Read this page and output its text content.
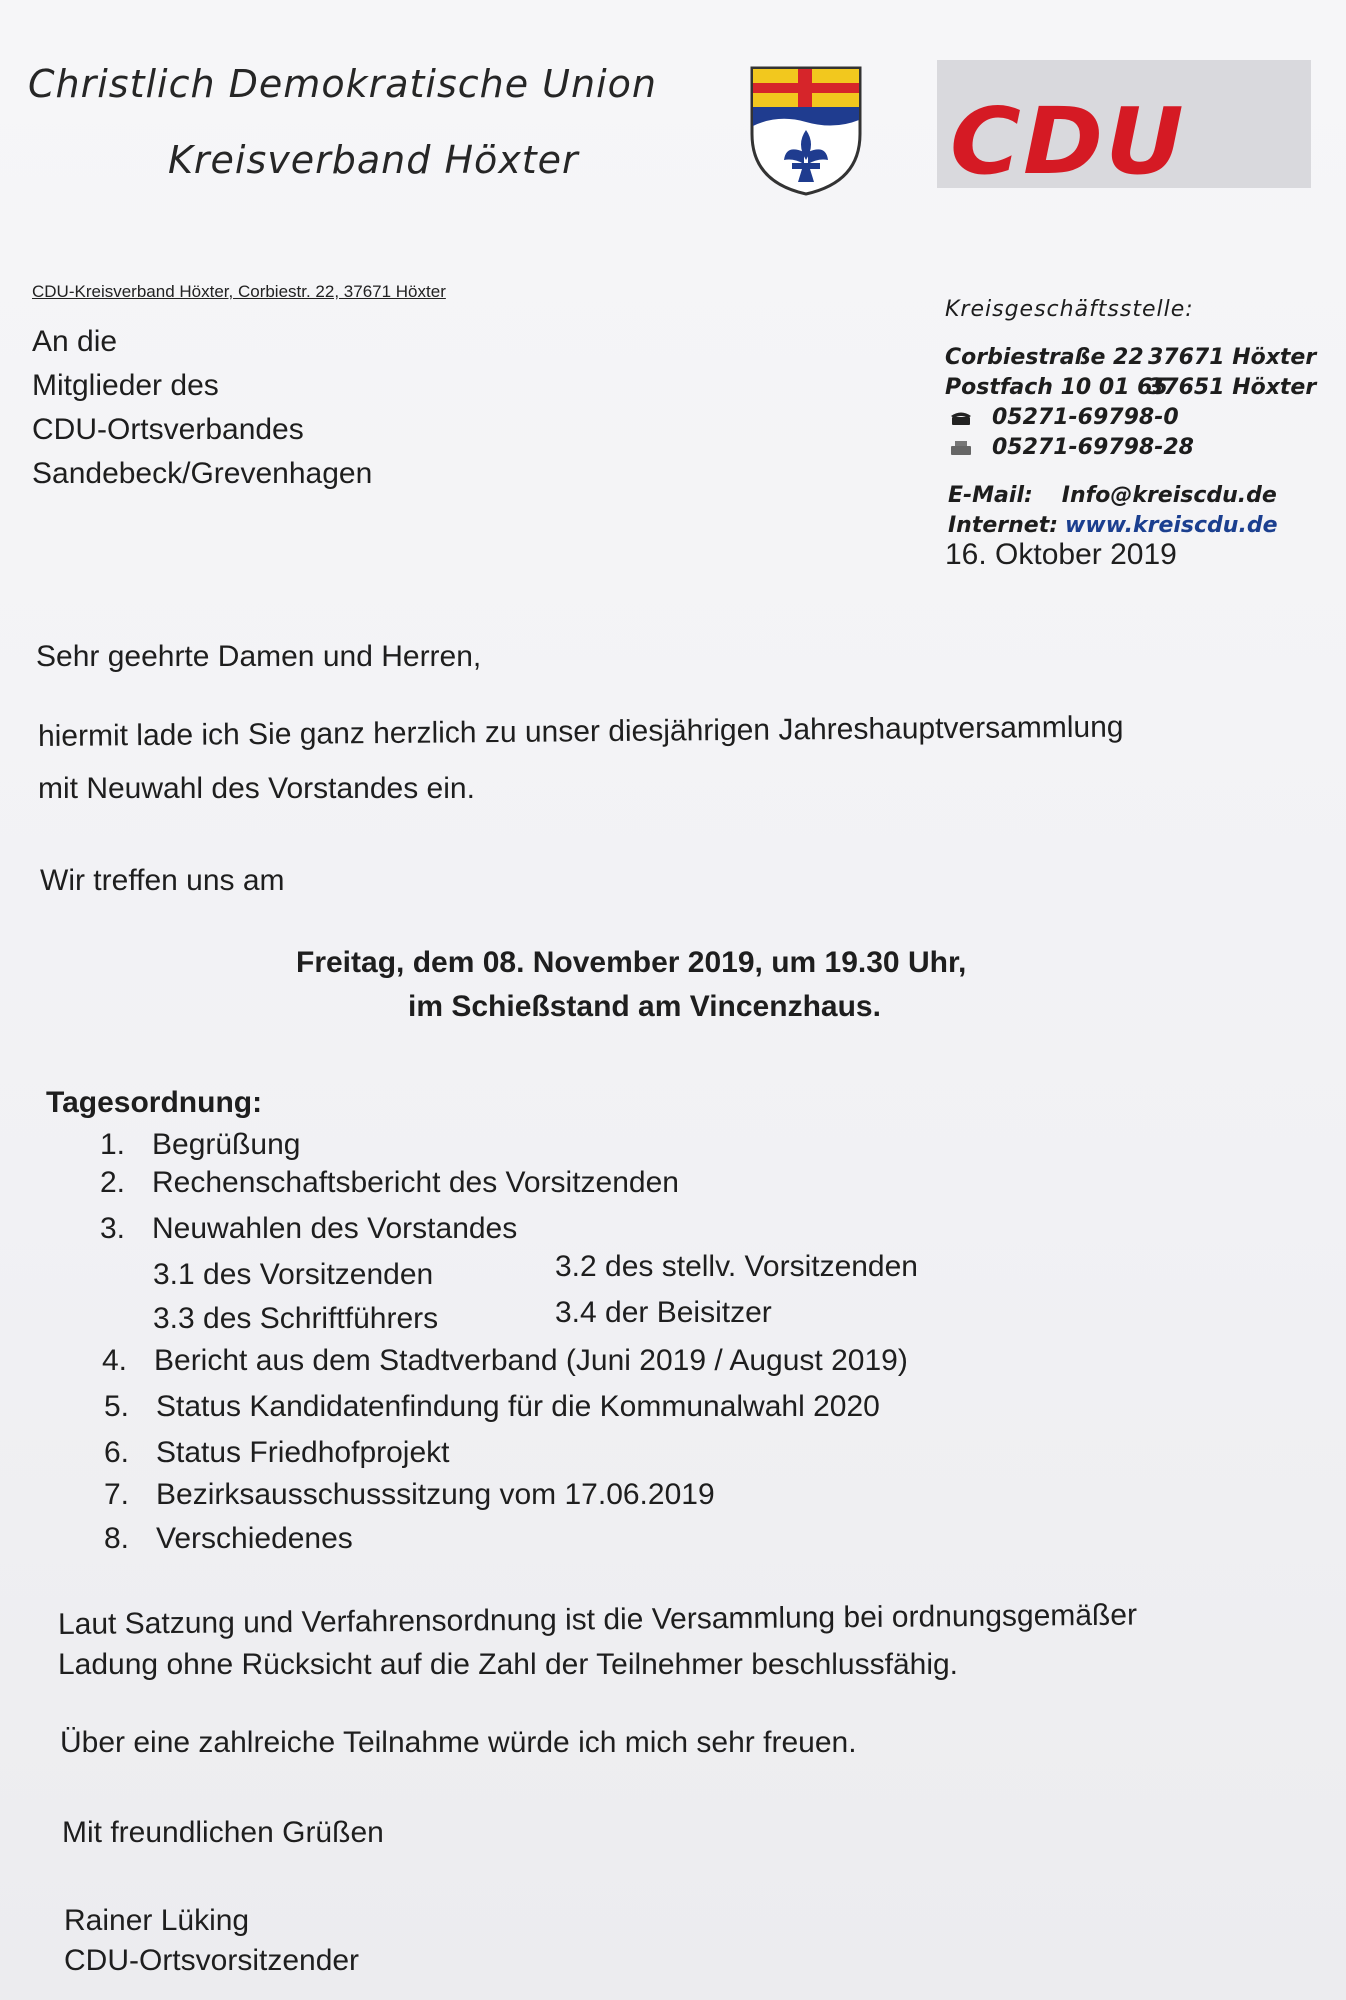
Christlich Demokratische Union
Kreisverband Höxter	CDU
CDU-Kreisverband Höxter, Corbiestr. 22, 37671 Höxter
An die
Mitglieder des
CDU-Ortsverbandes
Sandebeck/Grevenhagen
Kreisgeschäftsstelle:
Corbiestraße 22 37671 Höxter
Postfach 10 01 65
37651 Höxter
05271-69798-0
05271-69798-28
E-Mail: Info@kreiscdu.de
Internet: www.kreiscdu.de
16. Oktober 2019
Sehr geehrte Damen und Herren,
hiermit lade ich Sie ganz herzlich zu unser diesjährigen Jahreshauptversammlung
mit Neuwahl des Vorstandes ein.
Wir treffen uns am
Freitag, dem 08. November 2019, um 19.30 Uhr,
im Schießstand am Vincenzhaus.
Tagesordnung:
1. Begrüßung
2. Rechenschaftsbericht des Vorsitzenden
3. Neuwahlen des Vorstandes
3.1 des Vorsitzenden	3.2 des stellv. Vorsitzenden
3.3 des Schriftführers	3.4 der Beisitzer
4. Bericht aus dem Stadtverband (Juni 2019 / August 2019)
5. Status Kandidatenfindung für die Kommunalwahl 2020
6. Status Friedhofprojekt
7. Bezirksausschusssitzung vom 17.06.2019
8. Verschiedenes
Laut Satzung und Verfahrensordnung ist die Versammlung bei ordnungsgemäßer
Ladung ohne Rücksicht auf die Zahl der Teilnehmer beschlussfähig.
Über eine zahlreiche Teilnahme würde ich mich sehr freuen.
Mit freundlichen Grüßen
Rainer Lüking
CDU-Ortsvorsitzender
